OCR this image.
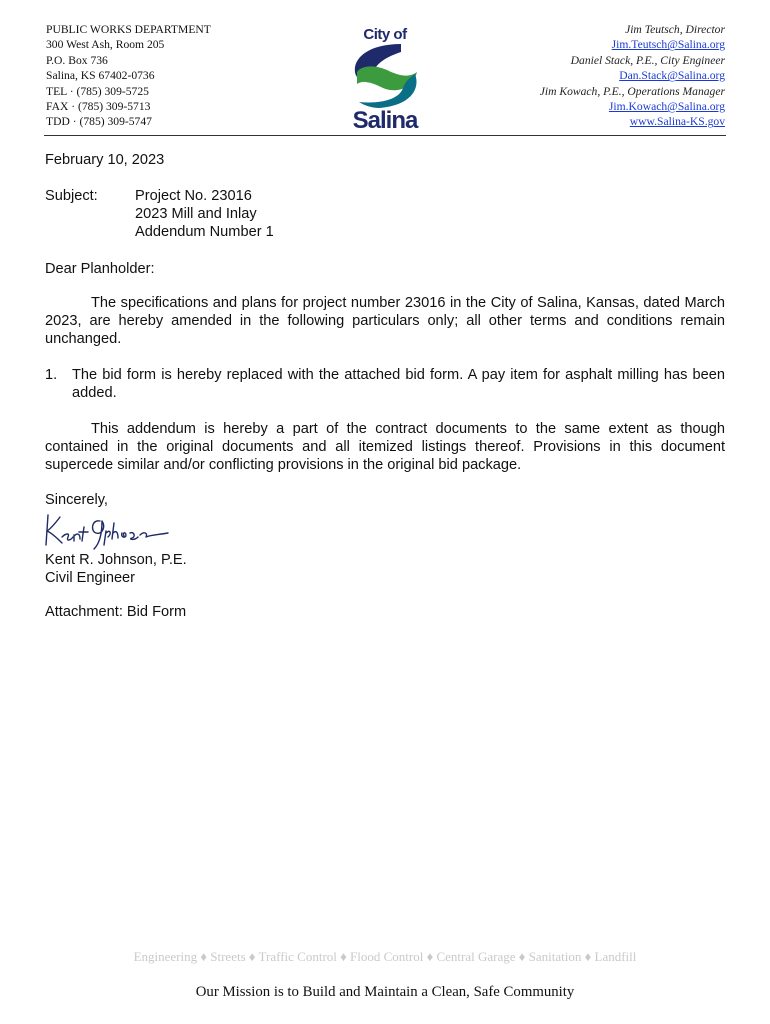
PUBLIC WORKS DEPARTMENT
300 West Ash, Room 205
P.O. Box 736
Salina, KS 67402-0736
TEL · (785) 309-5725
FAX · (785) 309-5713
TDD · (785) 309-5747
City of
Salina
Jim Teutsch, Director
Jim.Teutsch@Salina.org
Daniel Stack, P.E., City Engineer
Dan.Stack@Salina.org
Jim Kowach, P.E., Operations Manager
Jim.Kowach@Salina.org
www.Salina-KS.gov
February 10, 2023
Subject:	Project No. 23016
2023 Mill and Inlay
Addendum Number 1
Dear Planholder:
The specifications and plans for project number 23016 in the City of Salina, Kansas, dated March 2023, are hereby amended in the following particulars only; all other terms and conditions remain unchanged.
1. The bid form is hereby replaced with the attached bid form. A pay item for asphalt milling has been added.
This addendum is hereby a part of the contract documents to the same extent as though contained in the original documents and all itemized listings thereof. Provisions in this document supercede similar and/or conflicting provisions in the original bid package.
Sincerely,
Kent R. Johnson, P.E.
Civil Engineer
Attachment: Bid Form
Engineering ♦ Streets ♦ Traffic Control ♦ Flood Control ♦ Central Garage ♦ Sanitation ♦ Landfill
Our Mission is to Build and Maintain a Clean, Safe Community
